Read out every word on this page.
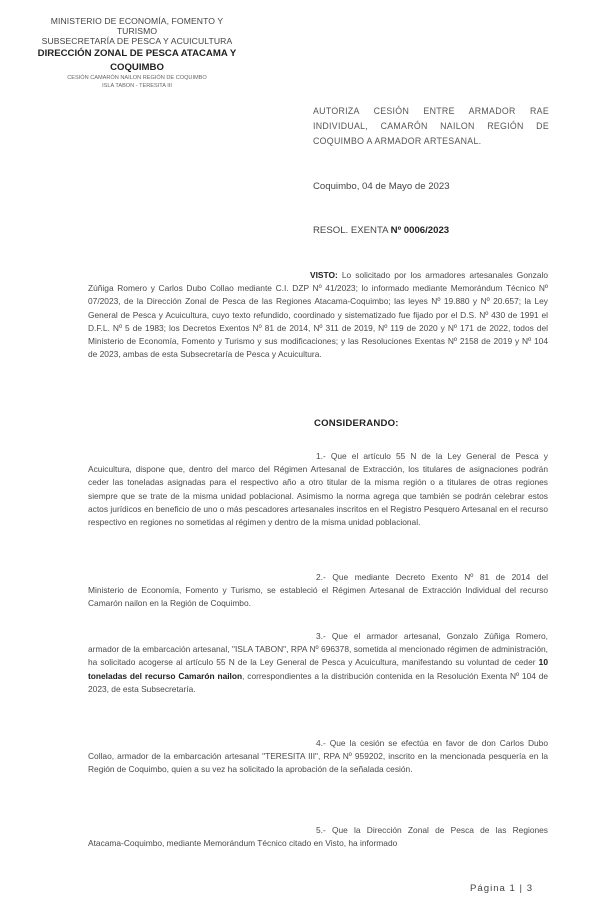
MINISTERIO DE ECONOMÍA, FOMENTO Y TURISMO
SUBSECRETARÍA DE PESCA Y ACUICULTURA
DIRECCIÓN ZONAL DE PESCA ATACAMA Y
COQUIMBO
CESIÓN CAMARÓN NAILON REGIÓN DE COQUIMBO
ISLA TABON - TERESITA III
AUTORIZA CESIÓN ENTRE ARMADOR RAE INDIVIDUAL, CAMARÓN NAILON REGIÓN DE COQUIMBO A ARMADOR ARTESANAL.
Coquimbo, 04 de Mayo de 2023
RESOL. EXENTA Nº 0006/2023
VISTO: Lo solicitado por los armadores artesanales Gonzalo Zúñiga Romero y Carlos Dubo Collao mediante C.I. DZP Nº 41/2023; lo informado mediante Memorándum Técnico Nº 07/2023, de la Dirección Zonal de Pesca de las Regiones Atacama-Coquimbo; las leyes Nº 19.880 y Nº 20.657; la Ley General de Pesca y Acuicultura, cuyo texto refundido, coordinado y sistematizado fue fijado por el D.S. Nº 430 de 1991 el D.F.L. Nº 5 de 1983; los Decretos Exentos Nº 81 de 2014, Nº 311 de 2019, Nº 119 de 2020 y Nº 171 de 2022, todos del Ministerio de Economía, Fomento y Turismo y sus modificaciones; y las Resoluciones Exentas Nº 2158 de 2019 y Nº 104 de 2023, ambas de esta Subsecretaría de Pesca y Acuicultura.
CONSIDERANDO:
1.- Que el artículo 55 N de la Ley General de Pesca y Acuicultura, dispone que, dentro del marco del Régimen Artesanal de Extracción, los titulares de asignaciones podrán ceder las toneladas asignadas para el respectivo año a otro titular de la misma región o a titulares de otras regiones siempre que se trate de la misma unidad poblacional. Asimismo la norma agrega que también se podrán celebrar estos actos jurídicos en beneficio de uno o más pescadores artesanales inscritos en el Registro Pesquero Artesanal en el recurso respectivo en regiones no sometidas al régimen y dentro de la misma unidad poblacional.
2.- Que mediante Decreto Exento Nº 81 de 2014 del Ministerio de Economía, Fomento y Turismo, se estableció el Régimen Artesanal de Extracción Individual del recurso Camarón nailon en la Región de Coquimbo.
3.- Que el armador artesanal, Gonzalo Zúñiga Romero, armador de la embarcación artesanal, "ISLA TABON", RPA Nº 696378, sometida al mencionado régimen de administración, ha solicitado acogerse al artículo 55 N de la Ley General de Pesca y Acuicultura, manifestando su voluntad de ceder 10 toneladas del recurso Camarón nailon, correspondientes a la distribución contenida en la Resolución Exenta Nº 104 de 2023, de esta Subsecretaría.
4.- Que la cesión se efectúa en favor de don Carlos Dubo Collao, armador de la embarcación artesanal "TERESITA III", RPA Nº 959202, inscrito en la mencionada pesquería en la Región de Coquimbo, quien a su vez ha solicitado la aprobación de la señalada cesión.
5.- Que la Dirección Zonal de Pesca de las Regiones Atacama-Coquimbo, mediante Memorándum Técnico citado en Visto, ha informado
Página 1 | 3
